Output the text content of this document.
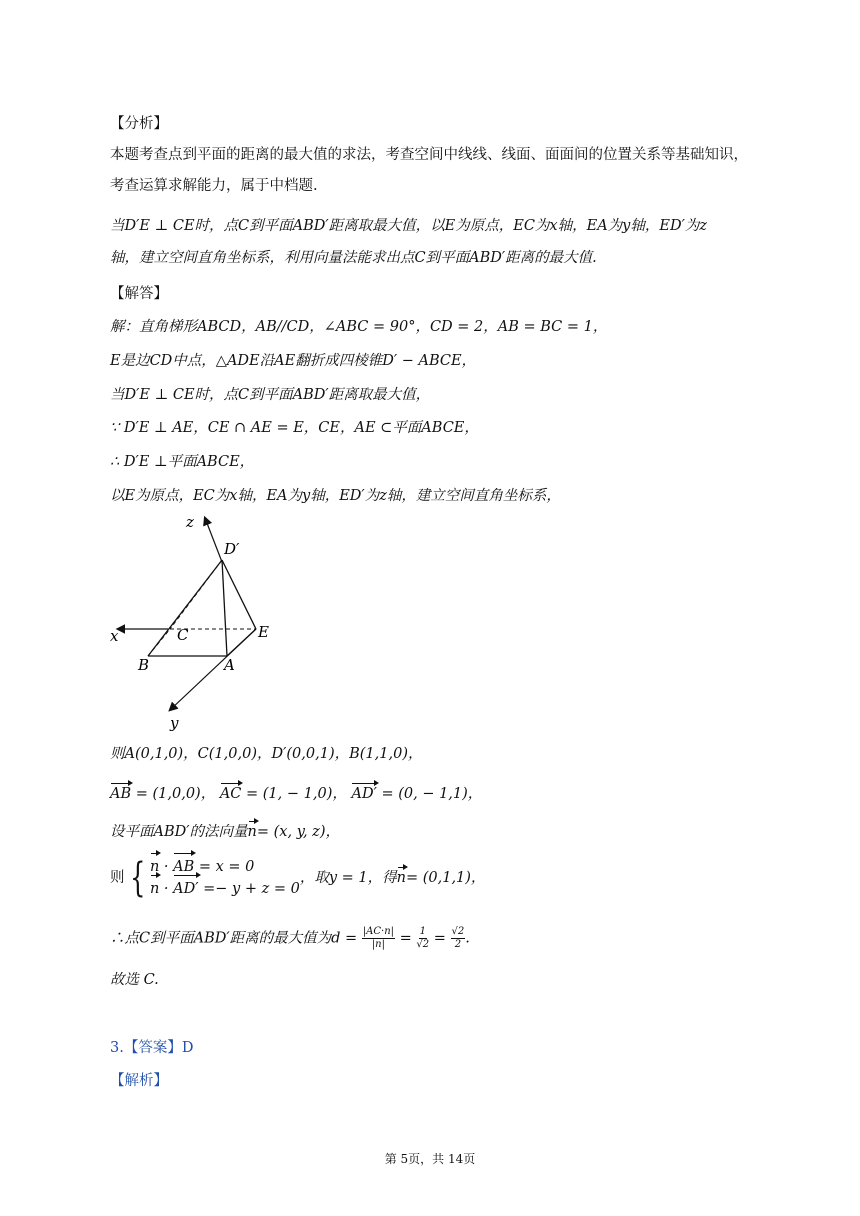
【分析】
本题考查点到平面的距离的最大值的求法，考查空间中线线、线面、面面间的位置关系等基础知识，考查运算求解能力，属于中档题.
当D′E ⊥ CE时，点C到平面ABD′距离取最大值，以E为原点，EC为x轴，EA为y轴，ED′为z
轴，建立空间直角坐标系，利用向量法能求出点C到平面ABD′距离的最大值.
【解答】
解：直角梯形ABCD，AB//CD，∠ABC = 90°，CD = 2，AB = BC = 1，
E是边CD中点，△ADE沿AE翻折成四棱锥D′ − ABCE，
当D′E ⊥ CE时，点C到平面ABD′距离取最大值，
∵ D′E ⊥ AE，CE ∩ AE = E，CE，AE ⊂平面ABCE，
∴ D′E ⊥平面ABCE，
以E为原点，EC为x轴，EA为y轴，ED′为z轴，建立空间直角坐标系，
z
D′
x	C	E
B	A
y
则A(0,1,0)，C(1,0,0)，D′(0,0,1)，B(1,1,0)，
AB = (1,0,0)， AC = (1, − 1,0)， AD′ = (0, − 1,1)，
设平面ABD′的法向量n= (x, y, z)，
则 { n · AB = x = 0
n · AD′ =− y + z = 0
，取y = 1，得n= (0,1,1)，
∴点C到平面ABD′距离的最大值为$d = \frac{|AC\cdot n|}{|n|} = \frac{1}{√2} = \frac{√2}{2}$ .
故选 C.
3.【答案】D
【解析】
第 5页，共 14页
